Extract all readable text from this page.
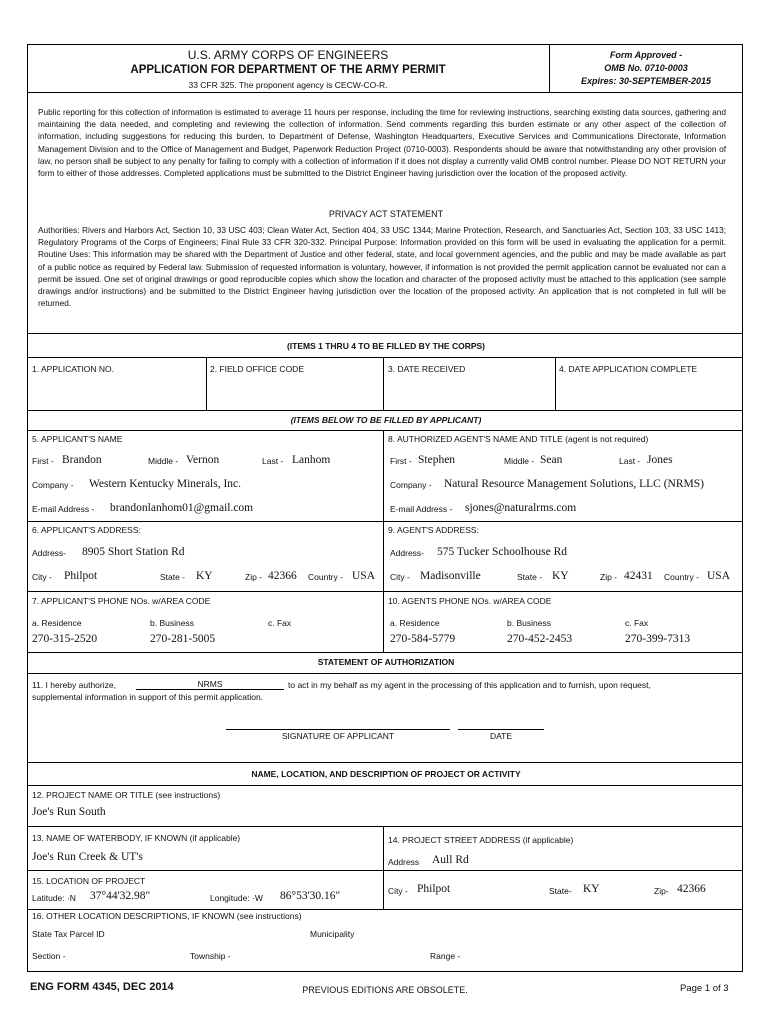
U.S. ARMY CORPS OF ENGINEERS
APPLICATION FOR DEPARTMENT OF THE ARMY PERMIT
33 CFR 325. The proponent agency is CECW-CO-R.
Form Approved -
OMB No. 0710-0003
Expires: 30-SEPTEMBER-2015
Public reporting for this collection of information is estimated to average 11 hours per response, including the time for reviewing instructions, searching existing data sources, gathering and maintaining the data needed, and completing and reviewing the collection of information. Send comments regarding this burden estimate or any other aspect of the collection of information, including suggestions for reducing this burden, to Department of Defense, Washington Headquarters, Executive Services and Communications Directorate, Information Management Division and to the Office of Management and Budget, Paperwork Reduction Project (0710-0003). Respondents should be aware that notwithstanding any other provision of law, no person shall be subject to any penalty for failing to comply with a collection of information if it does not display a currently valid OMB control number. Please DO NOT RETURN your form to either of those addresses. Completed applications must be submitted to the District Engineer having jurisdiction over the location of the proposed activity.
PRIVACY ACT STATEMENT
Authorities: Rivers and Harbors Act, Section 10, 33 USC 403; Clean Water Act, Section 404, 33 USC 1344; Marine Protection, Research, and Sanctuaries Act, Section 103, 33 USC 1413; Regulatory Programs of the Corps of Engineers; Final Rule 33 CFR 320-332. Principal Purpose: Information provided on this form will be used in evaluating the application for a permit. Routine Uses: This information may be shared with the Department of Justice and other federal, state, and local government agencies, and the public and may be made available as part of a public notice as required by Federal law. Submission of requested information is voluntary, however, if information is not provided the permit application cannot be evaluated nor can a permit be issued. One set of original drawings or good reproducible copies which show the location and character of the proposed activity must be attached to this application (see sample drawings and/or instructions) and be submitted to the District Engineer having jurisdiction over the location of the proposed activity. An application that is not completed in full will be returned.
(ITEMS 1 THRU 4 TO BE FILLED BY THE CORPS)
1. APPLICATION NO.	2. FIELD OFFICE CODE	3. DATE RECEIVED	4. DATE APPLICATION COMPLETE
(ITEMS BELOW TO BE FILLED BY APPLICANT)
5. APPLICANT'S NAME
First - Brandon	Middle - Vernon	Last - Lanhom
Company - Western Kentucky Minerals, Inc.
E-mail Address - brandonlanhom01@gmail.com
8. AUTHORIZED AGENT'S NAME AND TITLE (agent is not required)
First - Stephen	Middle - Sean	Last - Jones
Company - Natural Resource Management Solutions, LLC (NRMS)
E-mail Address - sjones@naturalrms.com
6. APPLICANT'S ADDRESS:
Address- 8905 Short Station Rd
City - Philpot	State - KY	Zip - 42366 Country - USA
9. AGENT'S ADDRESS:
Address- 575 Tucker Schoolhouse Rd
City - Madisonville	State - KY	Zip - 42431 Country - USA
7. APPLICANT'S PHONE NOs. w/AREA CODE
a. Residence	b. Business	c. Fax
270-315-2520	270-281-5005
10. AGENTS PHONE NOs. w/AREA CODE
a. Residence	b. Business	c. Fax
270-584-5779	270-452-2453	270-399-7313
STATEMENT OF AUTHORIZATION
11. I hereby authorize,	NRMS	to act in my behalf as my agent in the processing of this application and to furnish, upon request,
supplemental information in support of this permit application.
SIGNATURE OF APPLICANT	DATE
NAME, LOCATION, AND DESCRIPTION OF PROJECT OR ACTIVITY
12. PROJECT NAME OR TITLE (see instructions)
Joe's Run South
13. NAME OF WATERBODY, IF KNOWN (if applicable)
Joe's Run Creek & UT's
14. PROJECT STREET ADDRESS (if applicable)
Address Aull Rd
15. LOCATION OF PROJECT
Latitude: ·N 37°44'32.98"	Longitude: ·W 86°53'30.16"	City - Philpot	State- KY	Zip- 42366
16. OTHER LOCATION DESCRIPTIONS, IF KNOWN (see instructions)
State Tax Parcel ID	Municipality
Section -	Township -	Range -
ENG FORM 4345, DEC 2014	PREVIOUS EDITIONS ARE OBSOLETE.	Page 1 of 3
